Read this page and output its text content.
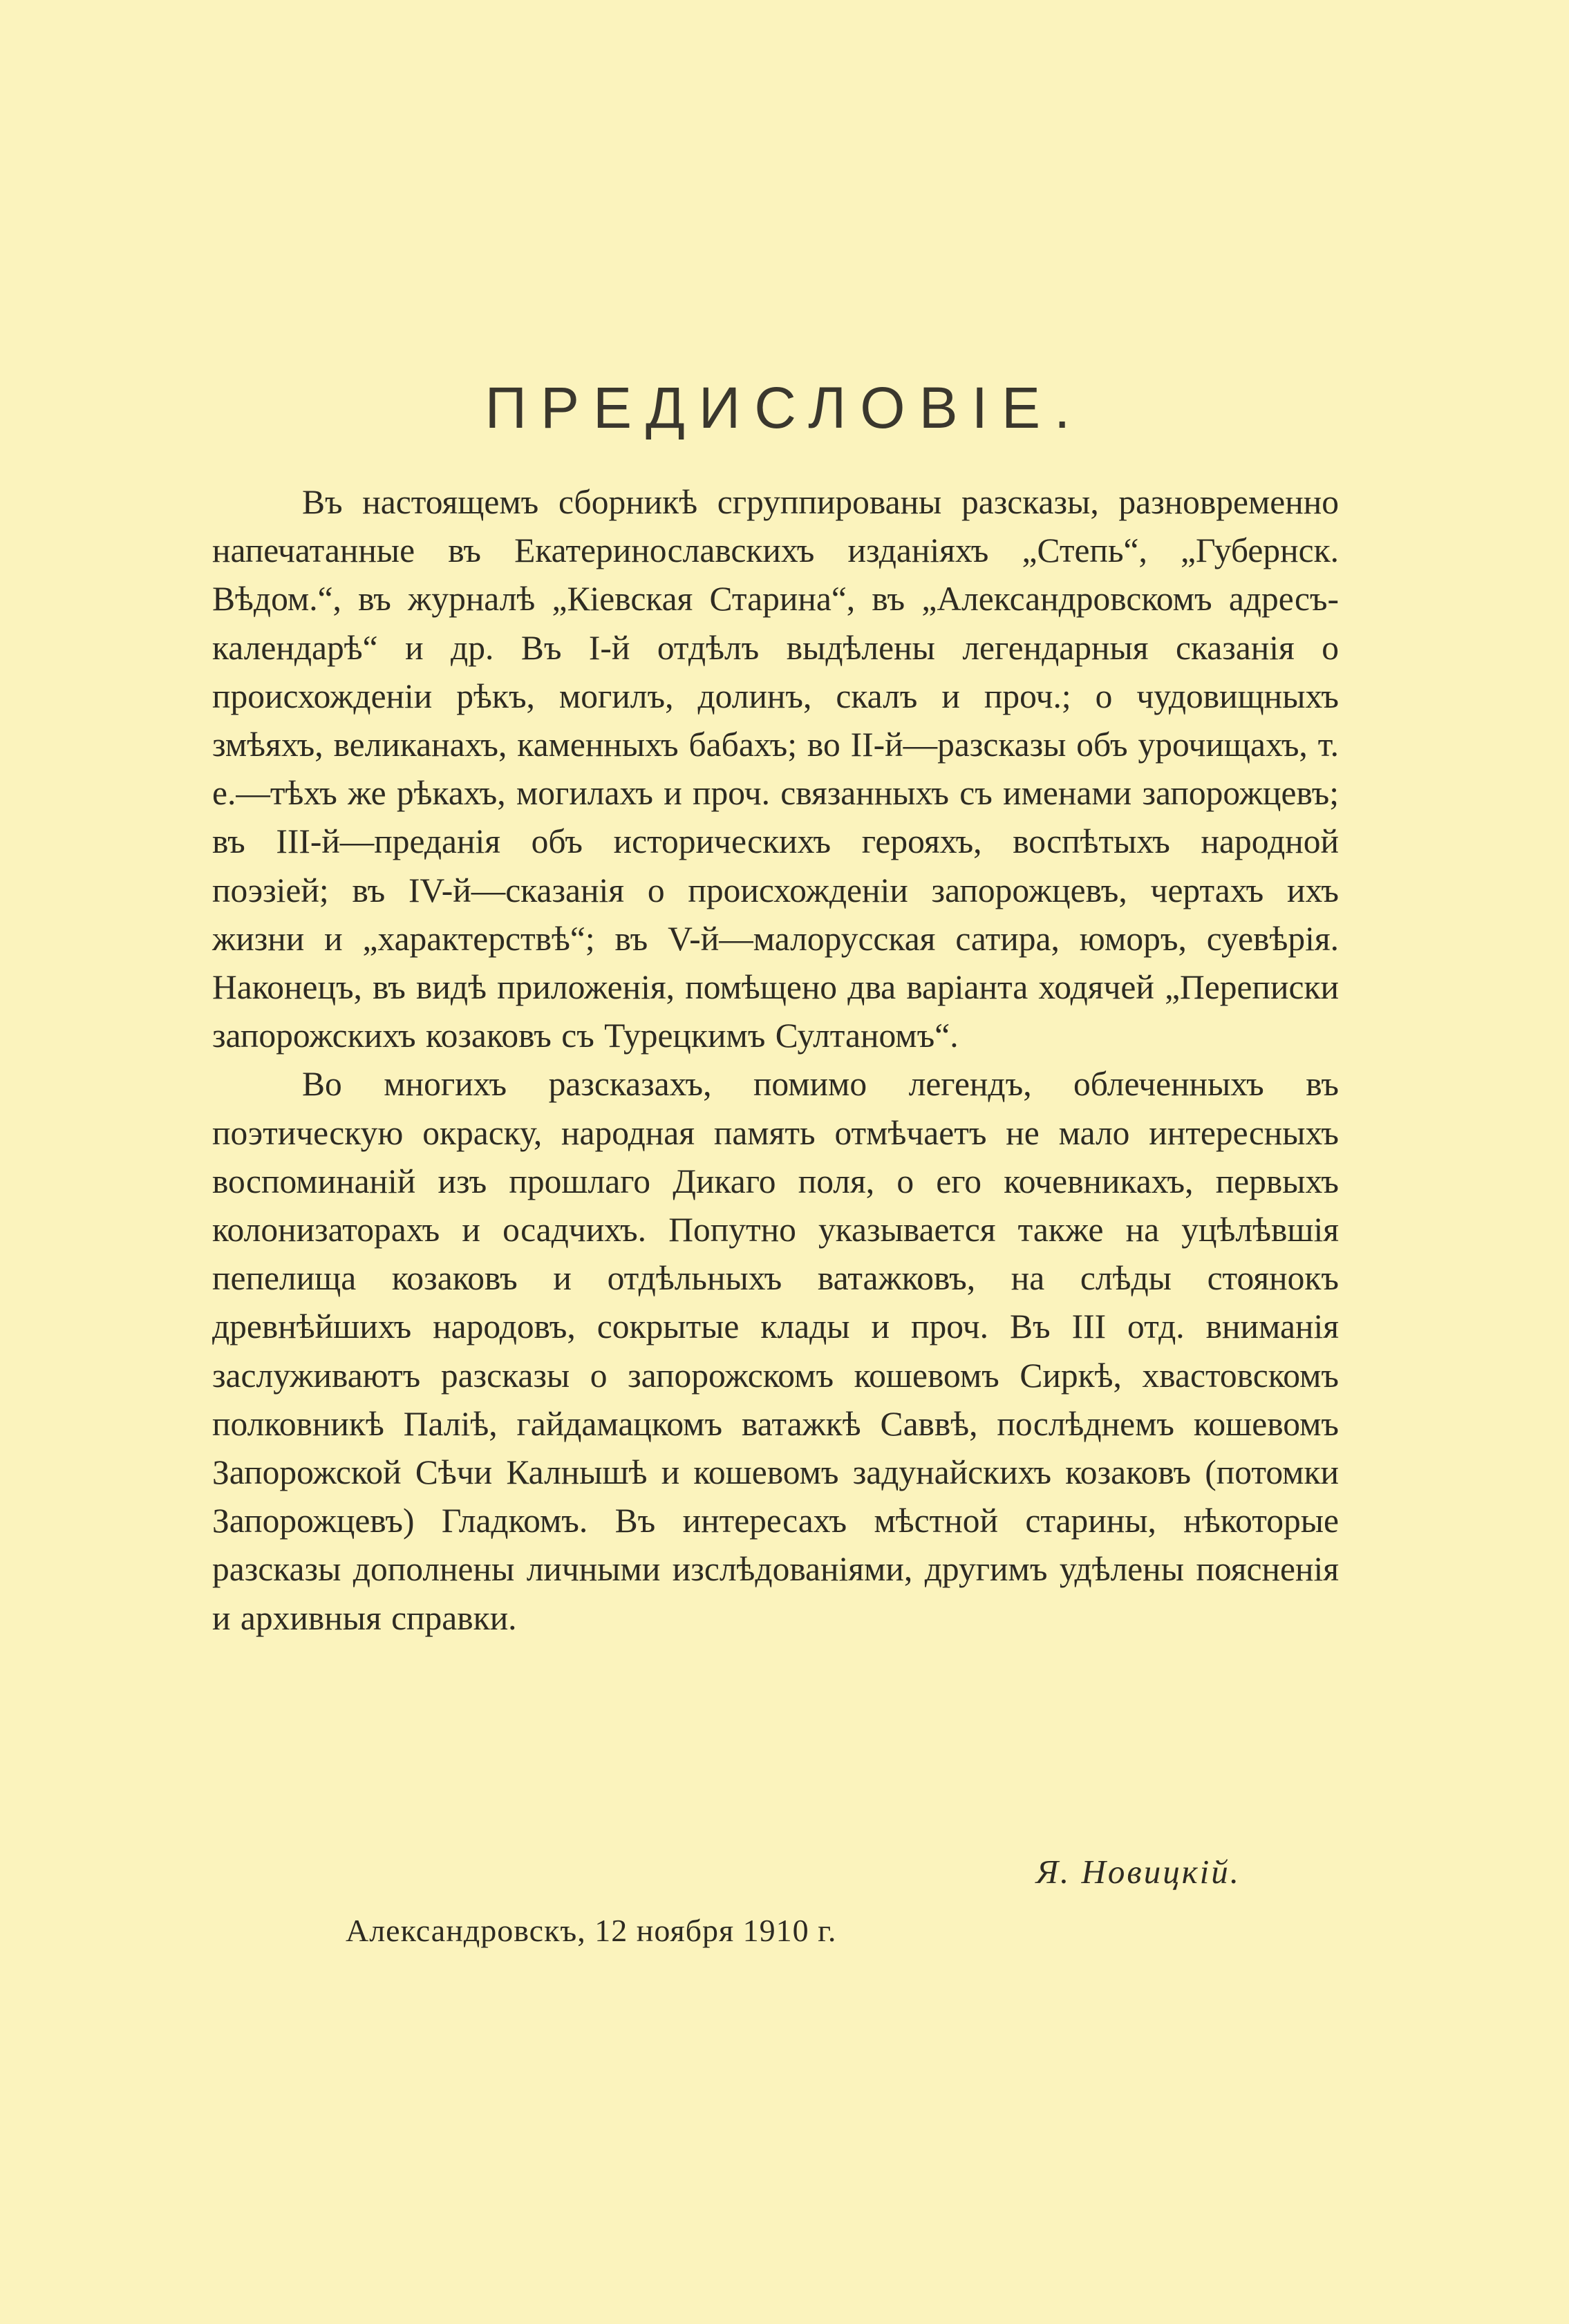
ПРЕДИСЛОВІЕ.

Въ настоящемъ сборникѣ сгруппированы разсказы, разновременно напечатанные въ Екатеринославскихъ изданіяхъ „Степь“, „Губернск. Вѣдом.“, въ журналѣ „Кіевская Старина“, въ „Александровскомъ адресъ-календарѣ“ и др. Въ І-й отдѣлъ выдѣлены легендарныя сказанія о происхожденіи рѣкъ, могилъ, долинъ, скалъ и проч.; о чудовищныхъ змѣяхъ, великанахъ, каменныхъ бабахъ; во ІІ-й—разсказы объ урочищахъ, т. е.—тѣхъ же рѣкахъ, могилахъ и проч. связанныхъ съ именами запорожцевъ; въ ІІІ-й—преданія объ историческихъ герояхъ, воспѣтыхъ народной поэзіей; въ ІV-й—сказанія о происхожденіи запорожцевъ, чертахъ ихъ жизни и „характерствѣ“; въ V-й—малорусская сатира, юморъ, суевѣрія. Наконецъ, въ видѣ приложенія, помѣщено два варіанта ходячей „Переписки запорожскихъ козаковъ съ Турецкимъ Султаномъ“.

Во многихъ разсказахъ, помимо легендъ, облеченныхъ въ поэтическую окраску, народная память отмѣчаетъ не мало интересныхъ воспоминаній изъ прошлаго Дикаго поля, о его кочевникахъ, первыхъ колонизаторахъ и осадчихъ. Попутно указывается также на уцѣлѣвшія пепелища козаковъ и отдѣльныхъ ватажковъ, на слѣды стоянокъ древнѣйшихъ народовъ, сокрытые клады и проч. Въ ІІІ отд. вниманія заслуживаютъ разсказы о запорожскомъ кошевомъ Сиркѣ, хвастовскомъ полковникѣ Паліѣ, гайдамацкомъ ватажкѣ Саввѣ, послѣднемъ кошевомъ Запорожской Сѣчи Калнышѣ и кошевомъ задунайскихъ козаковъ (потомки Запорожцевъ) Гладкомъ. Въ интересахъ мѣстной старины, нѣкоторые разсказы дополнены личными изслѣдованіями, другимъ удѣлены поясненія и архивныя справки.

Я. Новицкій.
Александровскъ, 12 ноября 1910 г.
